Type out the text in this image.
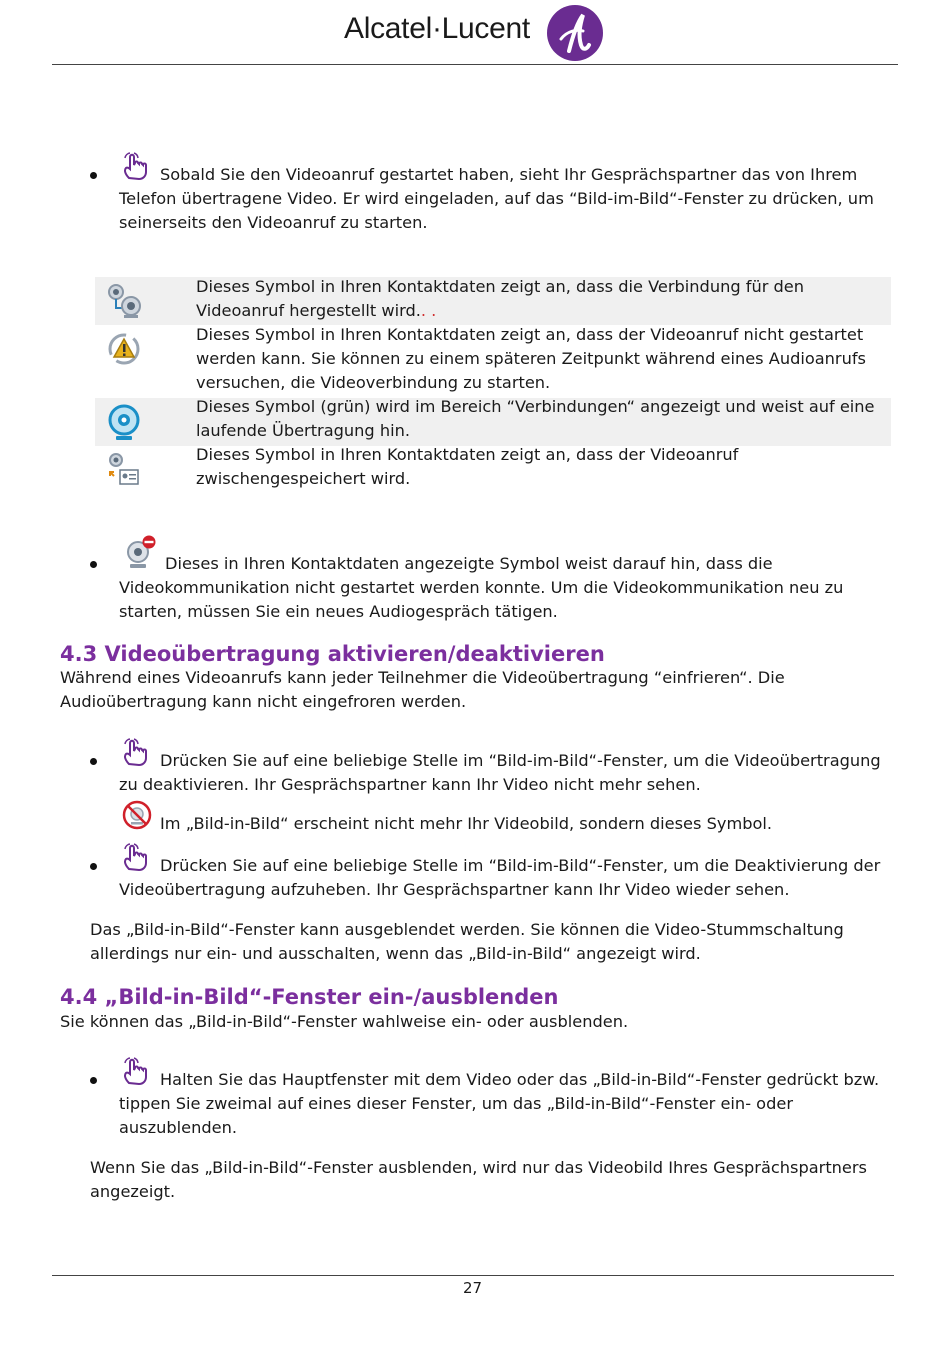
Alcatel·Lucent
Sobald Sie den Videoanruf gestartet haben, sieht Ihr Gesprächspartner das von Ihrem
Telefon übertragene Video. Er wird eingeladen, auf das “Bild-im-Bild“-Fenster zu drücken, um
seinerseits den Videoanruf zu starten.
Dieses Symbol in Ihren Kontaktdaten zeigt an, dass die Verbindung für den
Videoanruf hergestellt wird.. .
Dieses Symbol in Ihren Kontaktdaten zeigt an, dass der Videoanruf nicht gestartet
werden kann. Sie können zu einem späteren Zeitpunkt während eines Audioanrufs
versuchen, die Videoverbindung zu starten.
Dieses Symbol (grün) wird im Bereich “Verbindungen“ angezeigt und weist auf eine
laufende Übertragung hin.
Dieses Symbol in Ihren Kontaktdaten zeigt an, dass der Videoanruf
zwischengespeichert wird.
Dieses in Ihren Kontaktdaten angezeigte Symbol weist darauf hin, dass die
Videokommunikation nicht gestartet werden konnte. Um die Videokommunikation neu zu
starten, müssen Sie ein neues Audiogespräch tätigen.
4.3 Videoübertragung aktivieren/deaktivieren
Während eines Videoanrufs kann jeder Teilnehmer die Videoübertragung “einfrieren“. Die
Audioübertragung kann nicht eingefroren werden.
Drücken Sie auf eine beliebige Stelle im “Bild-im-Bild“-Fenster, um die Videoübertragung
zu deaktivieren. Ihr Gesprächspartner kann Ihr Video nicht mehr sehen.
Im „Bild-in-Bild“ erscheint nicht mehr Ihr Videobild, sondern dieses Symbol.
Drücken Sie auf eine beliebige Stelle im “Bild-im-Bild“-Fenster, um die Deaktivierung der
Videoübertragung aufzuheben. Ihr Gesprächspartner kann Ihr Video wieder sehen.
Das „Bild-in-Bild“-Fenster kann ausgeblendet werden. Sie können die Video-Stummschaltung
allerdings nur ein- und ausschalten, wenn das „Bild-in-Bild“ angezeigt wird.
4.4 „Bild-in-Bild“-Fenster ein-/ausblenden
Sie können das „Bild-in-Bild“-Fenster wahlweise ein- oder ausblenden.
Halten Sie das Hauptfenster mit dem Video oder das „Bild-in-Bild“-Fenster gedrückt bzw.
tippen Sie zweimal auf eines dieser Fenster, um das „Bild-in-Bild“-Fenster ein- oder
auszublenden.
Wenn Sie das „Bild-in-Bild“-Fenster ausblenden, wird nur das Videobild Ihres Gesprächspartners
angezeigt.
27
